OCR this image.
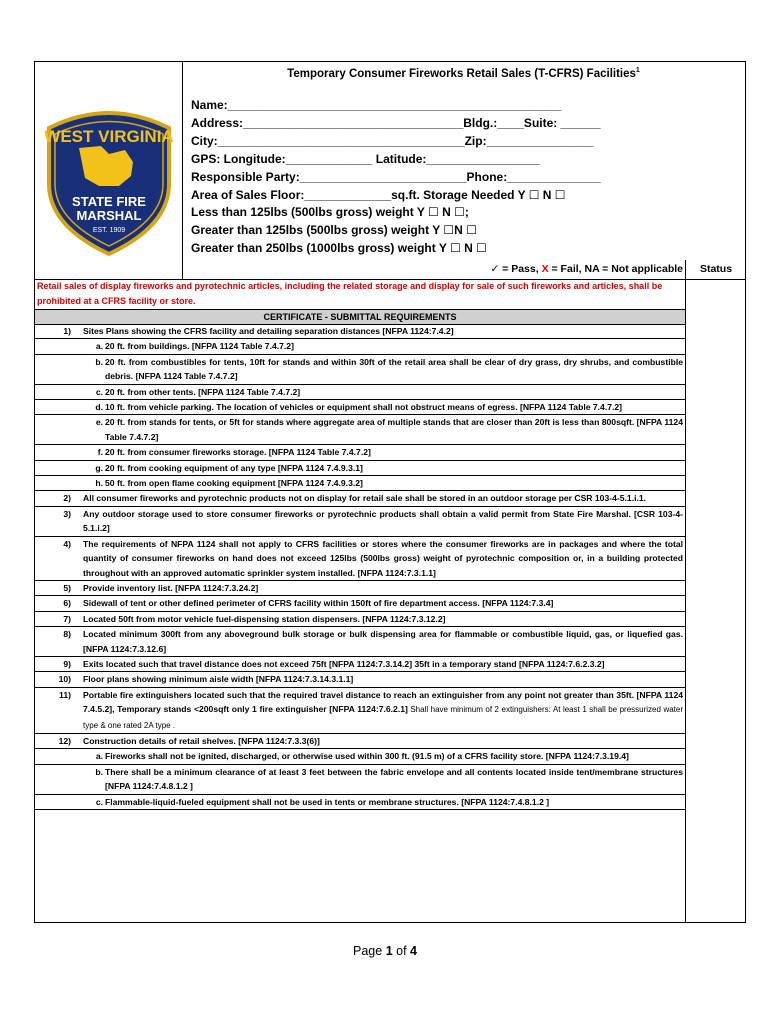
WEST VIRGINIA
STATE FIRE
MARSHAL
EST. 1909
Temporary Consumer Fireworks Retail Sales (T-CFRS) Facilities$^1$
Name:__________________________________________________
Address:_________________________________Bldg.:____Suite: ______
City:_____________________________________Zip:________________
GPS: Longitude:_____________ Latitude:_________________
Responsible Party:_________________________Phone:______________
Area of Sales Floor:_____________sq.ft. Storage Needed Y ☐ N ☐
Less than 125lbs (500lbs gross) weight Y ☐ N ☐;
Greater than 125lbs (500lbs gross) weight Y ☐N ☐
Greater than 250lbs (1000lbs gross) weight Y ☐ N ☐
✓ = Pass, X = Fail, NA = Not applicable	Status
Retail sales of display fireworks and pyrotechnic articles, including the related storage and display for sale of such fireworks and articles, shall be prohibited at a CFRS facility or store.
CERTIFICATE - SUBMITTAL REQUIREMENTS
1) Sites Plans showing the CFRS facility and detailing separation distances [NFPA 1124:7.4.2]
a. 20 ft. from buildings. [NFPA 1124 Table 7.4.7.2]
b. 20 ft. from combustibles for tents, 10ft for stands and within 30ft of the retail area shall be clear of dry grass, dry shrubs, and combustible debris. [NFPA 1124 Table 7.4.7.2]
c. 20 ft. from other tents. [NFPA 1124 Table 7.4.7.2]
d. 10 ft. from vehicle parking. The location of vehicles or equipment shall not obstruct means of egress. [NFPA 1124 Table 7.4.7.2]
e. 20 ft. from stands for tents, or 5ft for stands where aggregate area of multiple stands that are closer than 20ft is less than 800sqft. [NFPA 1124 Table 7.4.7.2]
f. 20 ft. from consumer fireworks storage. [NFPA 1124 Table 7.4.7.2]
g. 20 ft. from cooking equipment of any type [NFPA 1124 7.4.9.3.1]
h. 50 ft. from open flame cooking equipment [NFPA 1124 7.4.9.3.2]
2) All consumer fireworks and pyrotechnic products not on display for retail sale shall be stored in an outdoor storage per CSR 103-4-5.1.i.1.
3) Any outdoor storage used to store consumer fireworks or pyrotechnic products shall obtain a valid permit from State Fire Marshal. [CSR 103-4-5.1.i.2]
4) The requirements of NFPA 1124 shall not apply to CFRS facilities or stores where the consumer fireworks are in packages and where the total quantity of consumer fireworks on hand does not exceed 125lbs (500lbs gross) weight of pyrotechnic composition or, in a building protected throughout with an approved automatic sprinkler system installed. [NFPA 1124:7.3.1.1]
5) Provide inventory list. [NFPA 1124:7.3.24.2]
6) Sidewall of tent or other defined perimeter of CFRS facility within 150ft of fire department access. [NFPA 1124:7.3.4]
7) Located 50ft from motor vehicle fuel-dispensing station dispensers. [NFPA 1124:7.3.12.2]
8) Located minimum 300ft from any aboveground bulk storage or bulk dispensing area for flammable or combustible liquid, gas, or liquefied gas. [NFPA 1124:7.3.12.6]
9) Exits located such that travel distance does not exceed 75ft [NFPA 1124:7.3.14.2] 35ft in a temporary stand [NFPA 1124:7.6.2.3.2]
10) Floor plans showing minimum aisle width [NFPA 1124:7.3.14.3.1.1]
11) Portable fire extinguishers located such that the required travel distance to reach an extinguisher from any point not greater than 35ft. [NFPA 1124 7.4.5.2], Temporary stands <200sqft only 1 fire extinguisher [NFPA 1124:7.6.2.1] Shall have minimum of 2 extinguishers: At least 1 shall be pressurized water type & one rated 2A type .
12) Construction details of retail shelves. [NFPA 1124:7.3.3(6)]
a. Fireworks shall not be ignited, discharged, or otherwise used within 300 ft. (91.5 m) of a CFRS facility store. [NFPA 1124:7.3.19.4]
b. There shall be a minimum clearance of at least 3 feet between the fabric envelope and all contents located inside tent/membrane structures [NFPA 1124:7.4.8.1.2 ]
c. Flammable-liquid-fueled equipment shall not be used in tents or membrane structures. [NFPA 1124:7.4.8.1.2 ]
Page 1 of 4
